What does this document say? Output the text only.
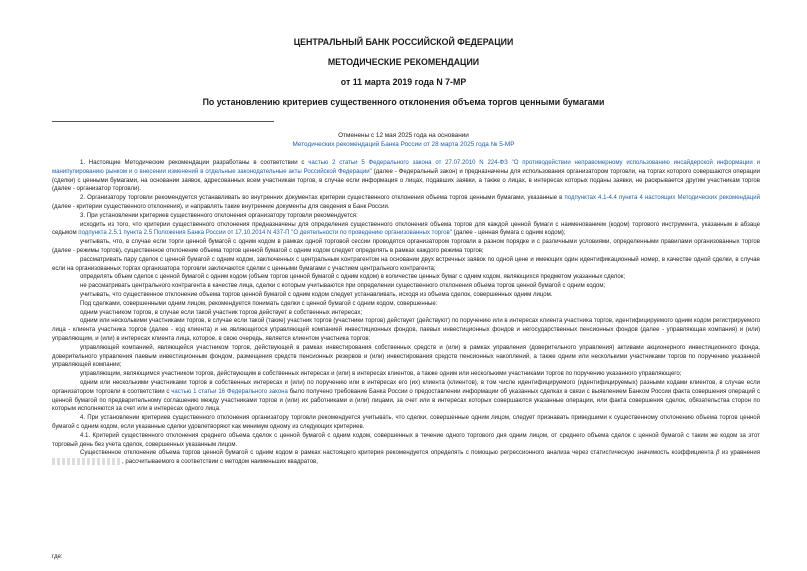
ЦЕНТРАЛЬНЫЙ БАНК РОССИЙСКОЙ ФЕДЕРАЦИИ
МЕТОДИЧЕСКИЕ РЕКОМЕНДАЦИИ
от 11 марта 2019 года N 7-МР
По установлению критериев существенного отклонения объема торгов ценными бумагами
Отменены с 12 мая 2025 года на основании
Методических рекомендаций Банка России от 28 марта 2025 года № 5-МР

1. Настоящие Методические рекомендации разработаны в соответствии с частью 2 статьи 5 Федерального закона от 27.07.2010 N 224-ФЗ "О противодействии неправомерному использованию инсайдерской информации и манипулированию рынком и о внесении изменений в отдельные законодательные акты Российской Федерации" (далее - Федеральный закон) и предназначены для использования организатором торговли, на торгах которого совершаются операции (сделки) с ценными бумагами, на основании заявок, адресованных всем участникам торгов, в случае если информация о лицах, подавших заявки, а также о лицах, в интересах которых поданы заявки, не раскрывается другим участникам торгов (далее - организатор торговли).

2. Организатору торговли рекомендуется устанавливать во внутренних документах критерии существенного отклонения объема торгов ценными бумагами, указанные в подпунктах 4.1-4.4 пункта 4 настоящих Методических рекомендаций (далее - критерии существенного отклонения), и направлять такие внутренние документы для сведения в Банк России.

3. При установлении критериев существенного отклонения организатору торговли рекомендуется:

исходить из того, что критерии существенного отклонения предназначены для определения существенного отклонения объема торгов для каждой ценной бумаги с наименованием (кодом) торгового инструмента, указанным в абзаце седьмом подпункта 2.5.1 пункта 2.5 Положения Банка России от 17.10.2014 N 437-П "О деятельности по проведению организованных торгов" (далее - ценная бумага с одним кодом);

учитывать, что, в случае если торги ценной бумагой с одним кодом в рамках одной торговой сессии проводятся организатором торговли в разном порядке и с различными условиями, определенными правилами организованных торгов (далее - режимы торгов), существенное отклонение объема торгов ценной бумагой с одним кодом следует определять в рамках каждого режима торгов;

рассматривать пару сделок с ценной бумагой с одним кодом, заключенных с центральным контрагентом на основании двух встречных заявок по одной цене и имеющих один идентификационный номер, в качестве одной сделки, в случае если на организованных торгах организатора торговли заключаются сделки с ценными бумагами с участием центрального контрагента;

определять объем сделок с ценной бумагой с одним кодом (объем торгов ценной бумагой с одним кодом) в количестве ценных бумаг с одним кодом, являющихся предметом указанных сделок;

не рассматривать центрального контрагента в качестве лица, сделки с которым учитываются при определении существенного отклонения объема торгов ценной бумагой с одним кодом;

учитывать, что существенное отклонение объема торгов ценной бумагой с одним кодом следует устанавливать, исходя из объема сделок, совершенных одним лицом.

Под сделками, совершенными одним лицом, рекомендуется понимать сделки с ценной бумагой с одним кодом, совершенные:

одним участником торгов, в случае если такой участник торгов действует в собственных интересах;

одним или несколькими участниками торгов, в случае если такой (такие) участник торгов (участники торгов) действует (действуют) по поручению или в интересах клиента участника торгов, идентифицируемого одним кодом регистрируемого лица - клиента участника торгов (далее - код клиента) и не являющегося управляющей компанией инвестиционных фондов, паевых инвестиционных фондов и негосударственных пенсионных фондов (далее - управляющая компания) и (или) управляющим, и (или) в интересах клиента лица, которое, в свою очередь, является клиентом участника торгов;

управляющей компанией, являющейся участником торгов, действующей в рамках инвестирования собственных средств и (или) в рамках управления (доверительного управления) активами акционерного инвестиционного фонда, доверительного управления паевым инвестиционным фондом, размещения средств пенсионных резервов и (или) инвестирования средств пенсионных накоплений, а также одним или несколькими участниками торгов по поручению указанной управляющей компании;

управляющим, являющимся участником торгов, действующим в собственных интересах и (или) в интересах клиентов, а также одним или несколькими участниками торгов по поручению указанного управляющего;

одним или несколькими участниками торгов в собственных интересах и (или) по поручению или в интересах его (их) клиента (клиентов), в том числе идентифицируемого (идентифицируемых) разными кодами клиентов, в случае если организатором торговли в соответствии с частью 1 статьи 16 Федерального закона было получено требование Банка России о предоставлении информации об указанных сделках в связи с выявлением Банком России факта совершения операций с ценной бумагой по предварительному соглашению между участниками торгов и (или) их работниками и (или) лицами, за счет или в интересах которых совершаются указанные операции, или факта совершения сделок, обязательства сторон по которым исполняются за счет или в интересах одного лица.

4. При установлении критериев существенного отклонения организатору торговли рекомендуется учитывать, что сделки, совершенные одним лицом, следует признавать приведшими к существенному отклонению объема торгов ценной бумагой с одним кодом, если указанные сделки удовлетворяют как минимум одному из следующих критериев.

4.1. Критерий существенного отклонения среднего объема сделок с ценной бумагой с одним кодом, совершенных в течение одного торгового дня одним лицом, от среднего объема сделок с ценной бумагой с таким же кодом за этот торговый день без учета сделок, совершенных указанным лицом.

Существенное отклонение объема торгов ценной бумагой с одним кодом в рамках настоящего критерия рекомендуется определять с помощью регрессионного анализа через статистическую значимость коэффициента β из уравнения , рассчитываемого в соответствии с методом наименьших квадратов,

где:
